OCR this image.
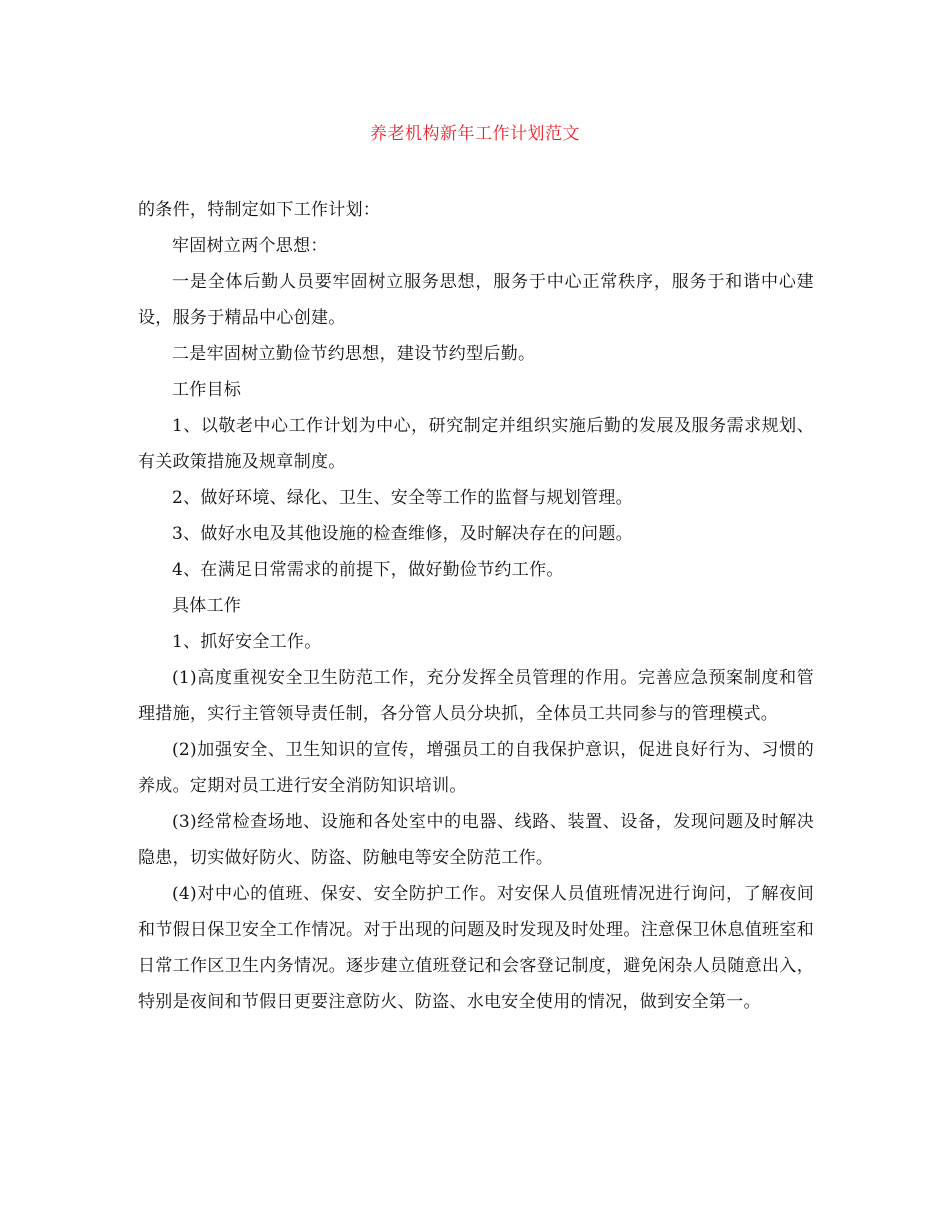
养老机构新年工作计划范文

的条件，特制定如下工作计划：

牢固树立两个思想：

一是全体后勤人员要牢固树立服务思想，服务于中心正常秩序，服务于和谐中心建设，服务于精品中心创建。

二是牢固树立勤俭节约思想，建设节约型后勤。

工作目标

1、以敬老中心工作计划为中心，研究制定并组织实施后勤的发展及服务需求规划、有关政策措施及规章制度。

2、做好环境、绿化、卫生、安全等工作的监督与规划管理。

3、做好水电及其他设施的检查维修，及时解决存在的问题。

4、在满足日常需求的前提下，做好勤俭节约工作。

具体工作

1、抓好安全工作。

(1)高度重视安全卫生防范工作，充分发挥全员管理的作用。完善应急预案制度和管理措施，实行主管领导责任制，各分管人员分块抓，全体员工共同参与的管理模式。

(2)加强安全、卫生知识的宣传，增强员工的自我保护意识，促进良好行为、习惯的养成。定期对员工进行安全消防知识培训。

(3)经常检查场地、设施和各处室中的电器、线路、装置、设备，发现问题及时解决隐患，切实做好防火、防盗、防触电等安全防范工作。

(4)对中心的值班、保安、安全防护工作。对安保人员值班情况进行询问，了解夜间和节假日保卫安全工作情况。对于出现的问题及时发现及时处理。注意保卫休息值班室和日常工作区卫生内务情况。逐步建立值班登记和会客登记制度，避免闲杂人员随意出入，特别是夜间和节假日更要注意防火、防盗、水电安全使用的情况，做到安全第一。
